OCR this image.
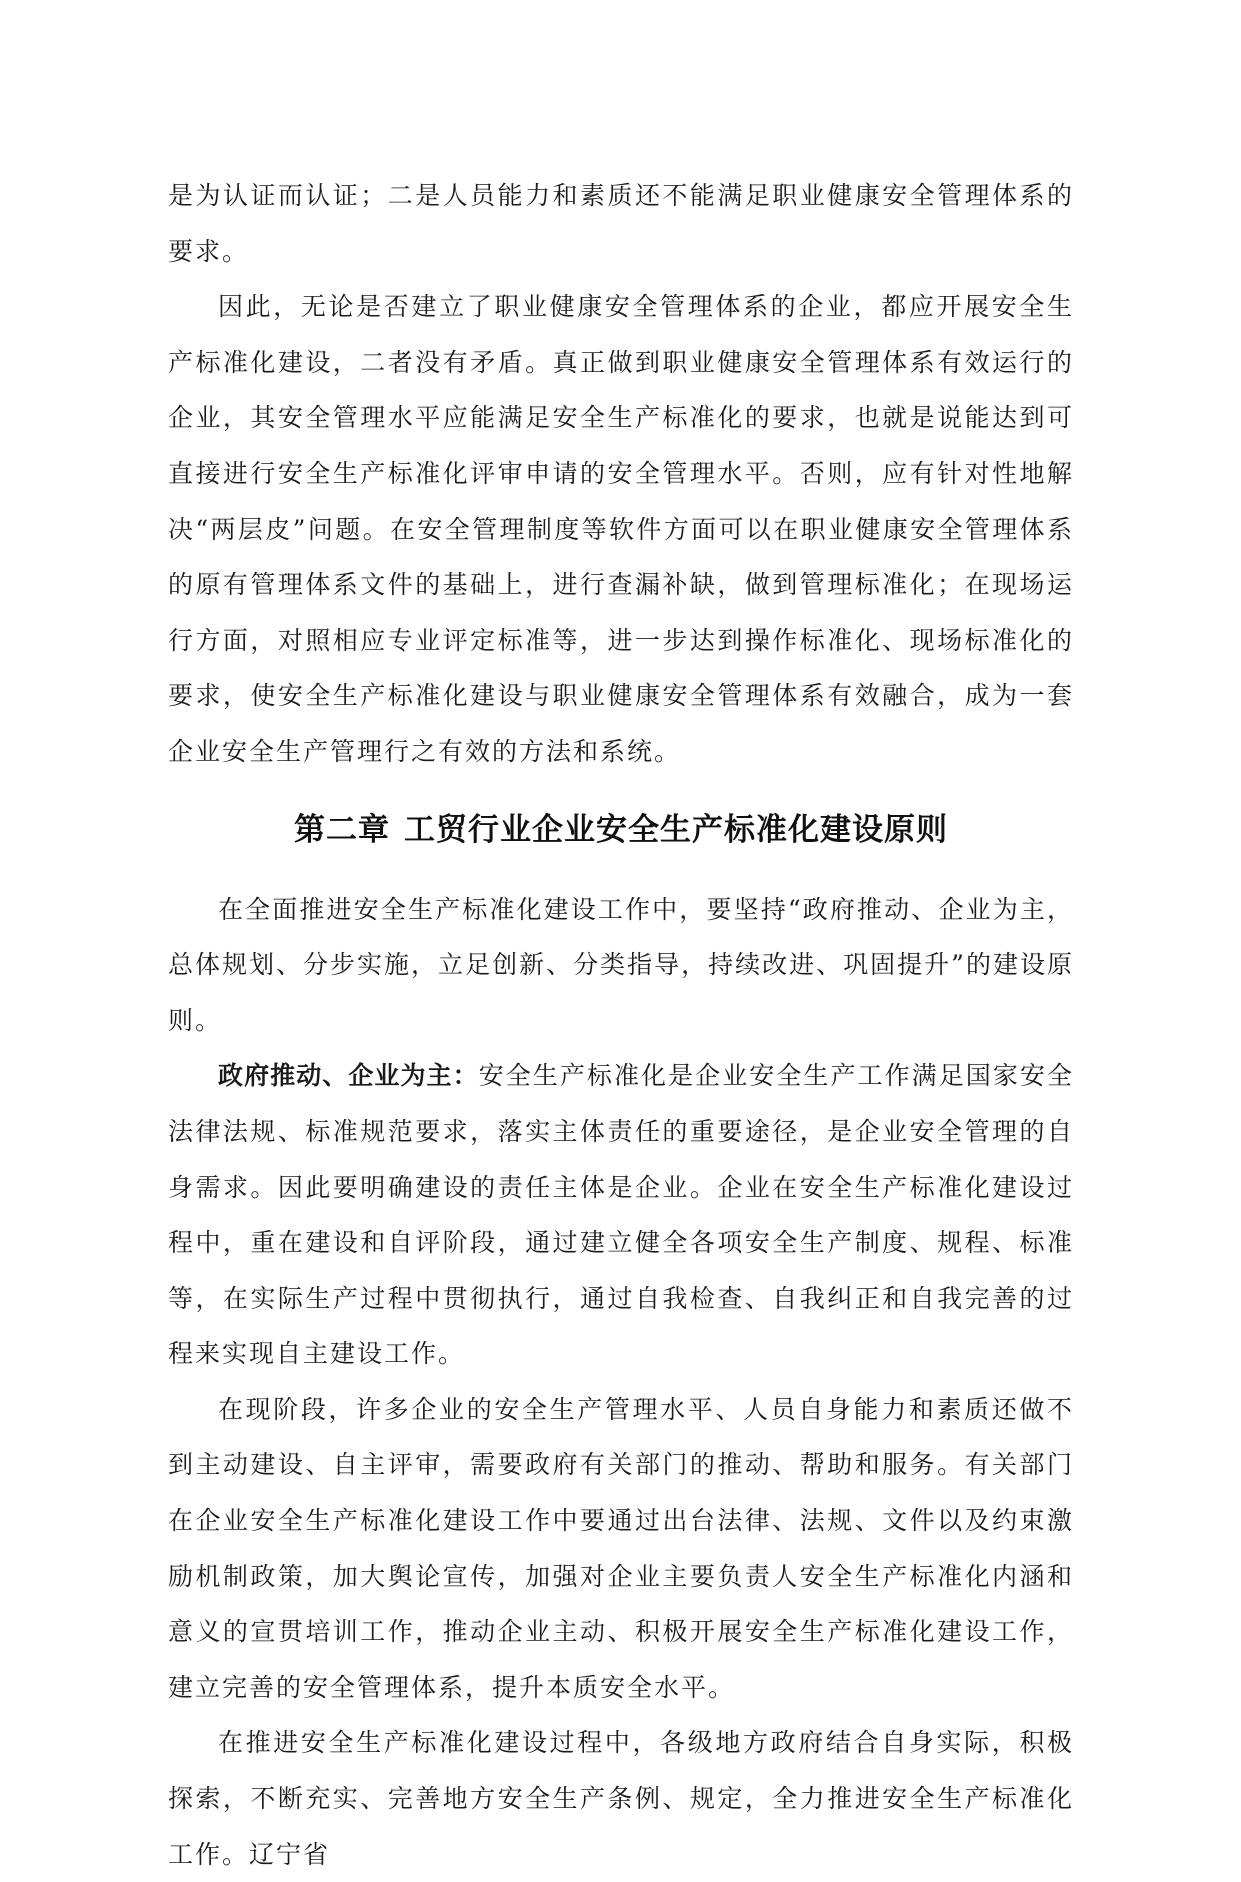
是为认证而认证；二是人员能力和素质还不能满足职业健康安全管理体系的要求。

因此，无论是否建立了职业健康安全管理体系的企业，都应开展安全生产标准化建设，二者没有矛盾。真正做到职业健康安全管理体系有效运行的企业，其安全管理水平应能满足安全生产标准化的要求，也就是说能达到可直接进行安全生产标准化评审申请的安全管理水平。否则，应有针对性地解决“两层皮”问题。在安全管理制度等软件方面可以在职业健康安全管理体系的原有管理体系文件的基础上，进行查漏补缺，做到管理标准化；在现场运行方面，对照相应专业评定标准等，进一步达到操作标准化、现场标准化的要求，使安全生产标准化建设与职业健康安全管理体系有效融合，成为一套企业安全生产管理行之有效的方法和系统。

第二章 工贸行业企业安全生产标准化建设原则

在全面推进安全生产标准化建设工作中，要坚持“政府推动、企业为主，总体规划、分步实施，立足创新、分类指导，持续改进、巩固提升”的建设原则。

政府推动、企业为主：安全生产标准化是企业安全生产工作满足国家安全法律法规、标准规范要求，落实主体责任的重要途径，是企业安全管理的自身需求。因此要明确建设的责任主体是企业。企业在安全生产标准化建设过程中，重在建设和自评阶段，通过建立健全各项安全生产制度、规程、标准等，在实际生产过程中贯彻执行，通过自我检查、自我纠正和自我完善的过程来实现自主建设工作。

在现阶段，许多企业的安全生产管理水平、人员自身能力和素质还做不到主动建设、自主评审，需要政府有关部门的推动、帮助和服务。有关部门在企业安全生产标准化建设工作中要通过出台法律、法规、文件以及约束激励机制政策，加大舆论宣传，加强对企业主要负责人安全生产标准化内涵和意义的宣贯培训工作，推动企业主动、积极开展安全生产标准化建设工作，建立完善的安全管理体系，提升本质安全水平。

在推进安全生产标准化建设过程中，各级地方政府结合自身实际，积极探索，不断充实、完善地方安全生产条例、规定，全力推进安全生产标准化工作。辽宁省
